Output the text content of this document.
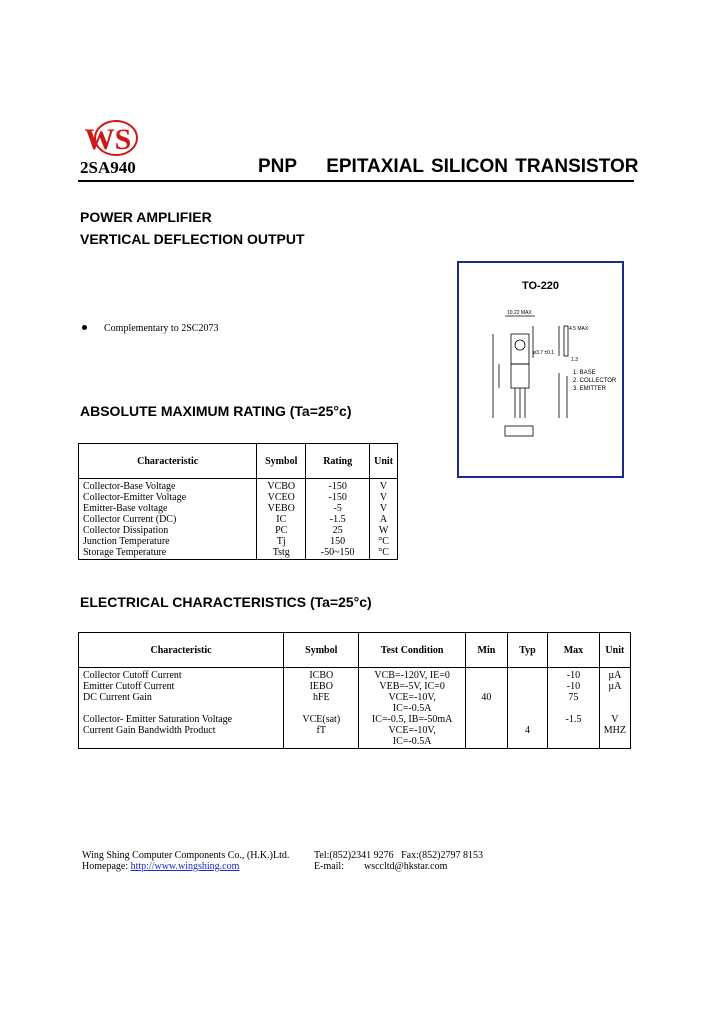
WS
2SA940	PNP EPITAXIAL SILICON TRANSISTOR
POWER AMPLIFIER
VERTICAL DEFLECTION OUTPUT
Complementary to 2SC2073
TO-220
10.22 MAX
4.5 MAX
ø3.7 ±0.1
1.3
1. BASE
2. COLLECTOR
3. EMITTER
ABSOLUTE MAXIMUM RATING (Ta=25°c)
Characteristic	Symbol	Rating	Unit
Collector-Base Voltage	VCBO	-150	V
Collector-Emitter Voltage	VCEO	-150	V
Emitter-Base voltage	VEBO	-5	V
Collector Current (DC)	IC	-1.5	A
Collector Dissipation	PC	25	W
Junction Temperature	Tj	150	°C
Storage Temperature	Tstg	-50~150	°C
ELECTRICAL CHARACTERISTICS (Ta=25°c)
Characteristic	Symbol	Test Condition	Min	Typ	Max	Unit
Collector Cutoff Current	ICBO	VCB=-120V, IE=0			-10	µA
Emitter Cutoff Current	IEBO	VEB=-5V, IC=0			-10	µA
DC Current Gain	hFE	VCE=-10V,	40		75	
		IC=-0.5A				
Collector- Emitter Saturation Voltage	VCE(sat)	IC=-0.5, IB=-50mA			-1.5	V
Current Gain Bandwidth Product	fT	VCE=-10V,		4		MHZ
		IC=-0.5A				
Wing Shing Computer Components Co., (H.K.)Ltd.
Homepage: http://www.wingshing.com
Tel:(852)2341 9276 Fax:(852)2797 8153
E-mail: wsccltd@hkstar.com
